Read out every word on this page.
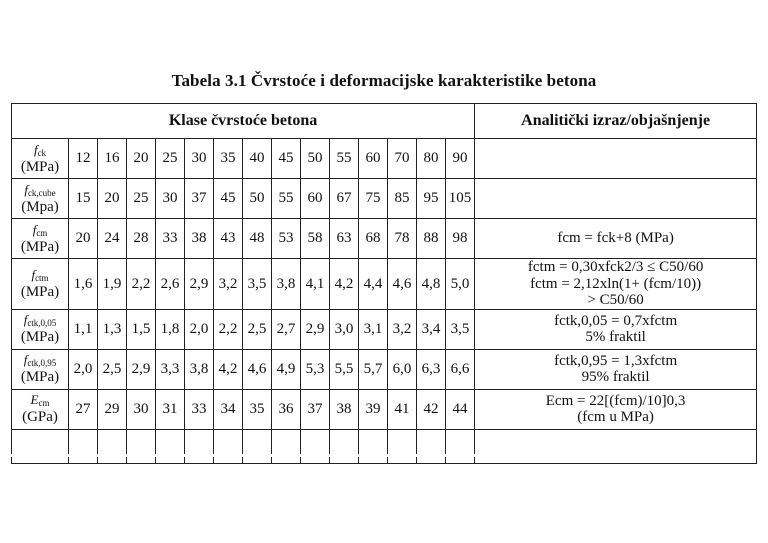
Tabela 3.1 Čvrstoće i deformacijske karakteristike betona
Klase čvrstoće betona															Analitički izraz/objašnjenje
$f_{ck}$
(MPa)	12	16	20	25	30	35	40	45	50	55	60	70	80	90	
$f_{ck,cube}$
(Mpa)	15	20	25	30	37	45	50	55	60	67	75	85	95	105	
$f_{cm}$
(MPa)	20	24	28	33	38	43	48	53	58	63	68	78	88	98	fcm = fck+8 (MPa)

$f_{ctm}$
(MPa)	1,6	1,9	2,2	2,6	2,9	3,2	3,5	3,8	4,1	4,2	4,4	4,6	4,8	5,0	fctm = 0,30xfck2/3 ≤ C50/60
fctm = 2,12xln(1+ (fcm/10))
> C50/60

$f_{ctk,0,05}$
(MPa)	1,1	1,3	1,5	1,8	2,0	2,2	2,5	2,7	2,9	3,0	3,1	3,2	3,4	3,5	fctk,0,05 = 0,7xfctm
5% fraktil

$f_{ctk,0,95}$
(MPa)	2,0	2,5	2,9	3,3	3,8	4,2	4,6	4,9	5,3	5,5	5,7	6,0	6,3	6,6	fctk,0,95 = 1,3xfctm
95% fraktil

$E_{cm}$
(GPa)	27	29	30	31	33	34	35	36	37	38	39	41	42	44	Ecm = 22[(fcm)/10]0,3
(fcm u MPa)
